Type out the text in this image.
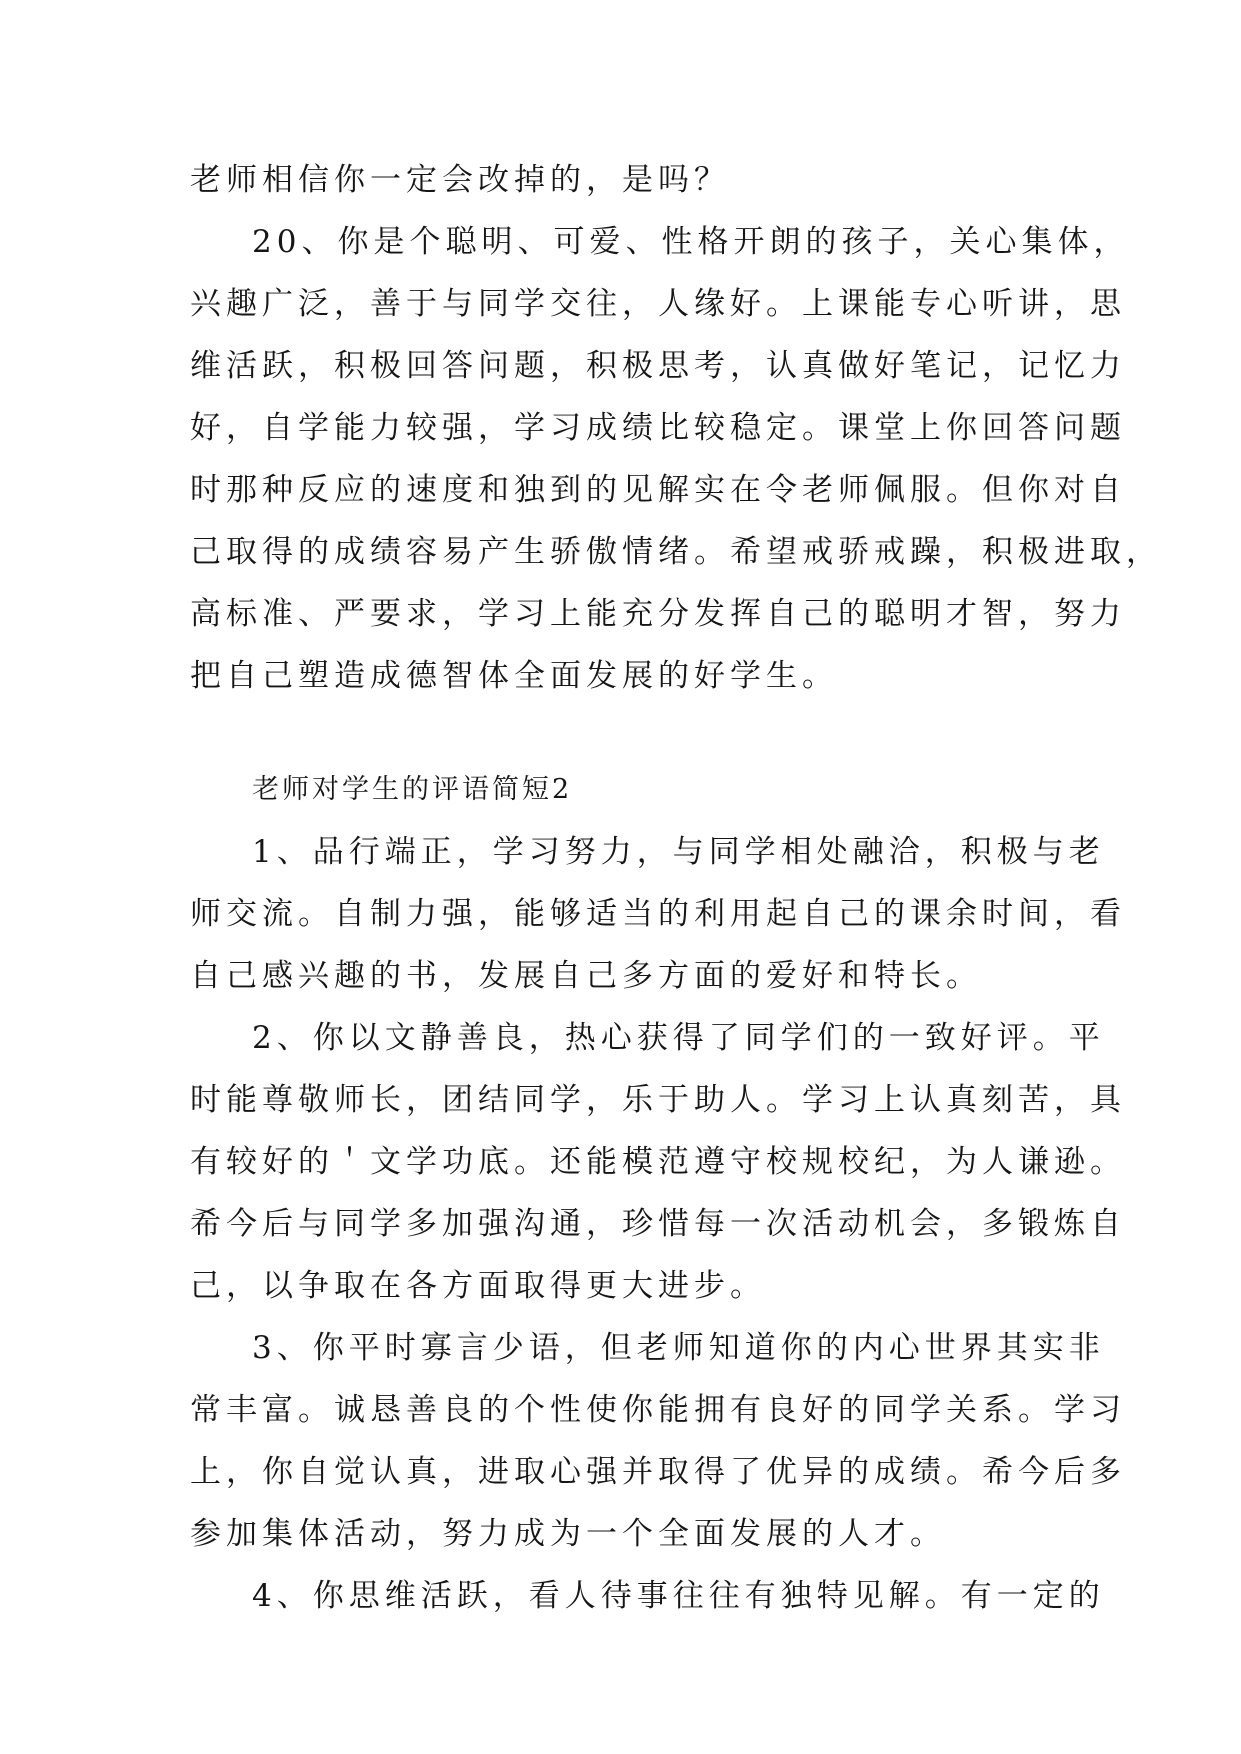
老师相信你一定会改掉的，是吗？
20、你是个聪明、可爱、性格开朗的孩子，关心集体，
兴趣广泛，善于与同学交往，人缘好。上课能专心听讲，思
维活跃，积极回答问题，积极思考，认真做好笔记，记忆力
好，自学能力较强，学习成绩比较稳定。课堂上你回答问题
时那种反应的速度和独到的见解实在令老师佩服。但你对自
己取得的成绩容易产生骄傲情绪。希望戒骄戒躁，积极进取，
高标准、严要求，学习上能充分发挥自己的聪明才智，努力
把自己塑造成德智体全面发展的好学生。
老师对学生的评语简短2
1、品行端正，学习努力，与同学相处融洽，积极与老
师交流。自制力强，能够适当的利用起自己的课余时间，看
自己感兴趣的书，发展自己多方面的爱好和特长。
2、你以文静善良，热心获得了同学们的一致好评。平
时能尊敬师长，团结同学，乐于助人。学习上认真刻苦，具
有较好的＇文学功底。还能模范遵守校规校纪，为人谦逊。
希今后与同学多加强沟通，珍惜每一次活动机会，多锻炼自
己，以争取在各方面取得更大进步。
3、你平时寡言少语，但老师知道你的内心世界其实非
常丰富。诚恳善良的个性使你能拥有良好的同学关系。学习
上，你自觉认真，进取心强并取得了优异的成绩。希今后多
参加集体活动，努力成为一个全面发展的人才。
4、你思维活跃，看人待事往往有独特见解。有一定的
